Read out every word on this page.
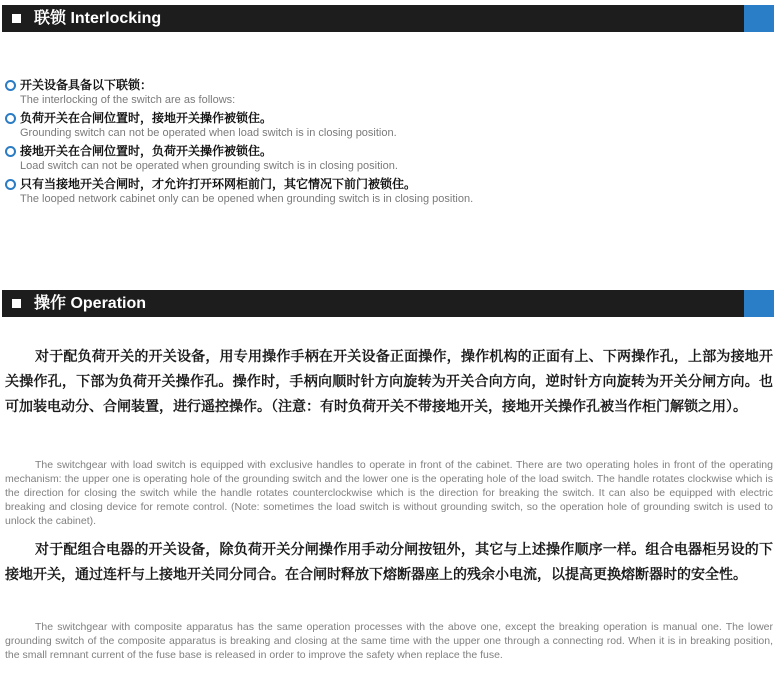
联锁 Interlocking
开关设备具备以下联锁：
The interlocking of the switch are as follows:
负荷开关在合闸位置时，接地开关操作被锁住。
Grounding switch can not be operated when load switch is in closing position.
接地开关在合闸位置时，负荷开关操作被锁住。
Load switch can not be operated when grounding switch is in closing position.
只有当接地开关合闸时，才允许打开环网柜前门，其它情况下前门被锁住。
The looped network cabinet only can be opened when grounding switch is in closing position.
操作 Operation

对于配负荷开关的开关设备，用专用操作手柄在开关设备正面操作，操作机构的正面有上、下两操作孔，上部为接地开关操作孔，下部为负荷开关操作孔。操作时，手柄向顺时针方向旋转为开关合向方向，逆时针方向旋转为开关分闸方向。也可加装电动分、合闸装置，进行遥控操作。（注意：有时负荷开关不带接地开关，接地开关操作孔被当作柜门解锁之用）。

The switchgear with load switch is equipped with exclusive handles to operate in front of the cabinet. There are two operating holes in front of the operating mechanism: the upper one is operating hole of the grounding switch and the lower one is the operating hole of the load switch. The handle rotates clockwise which is the direction for closing the switch while the handle rotates counterclockwise which is the direction for breaking the switch. It can also be equipped with electric breaking and closing device for remote control. (Note: sometimes the load switch is without grounding switch, so the operation hole of grounding switch is used to unlock the cabinet).

对于配组合电器的开关设备，除负荷开关分闸操作用手动分闸按钮外，其它与上述操作顺序一样。组合电器柜另设的下接地开关，通过连杆与上接地开关同分同合。在合闸时释放下熔断器座上的残余小电流，以提高更换熔断器时的安全性。

The switchgear with composite apparatus has the same operation processes with the above one, except the breaking operation is manual one. The lower grounding switch of the composite apparatus is breaking and closing at the same time with the upper one through a connecting rod. When it is in breaking position, the small remnant current of the fuse base is released in order to improve the safety when replace the fuse.
